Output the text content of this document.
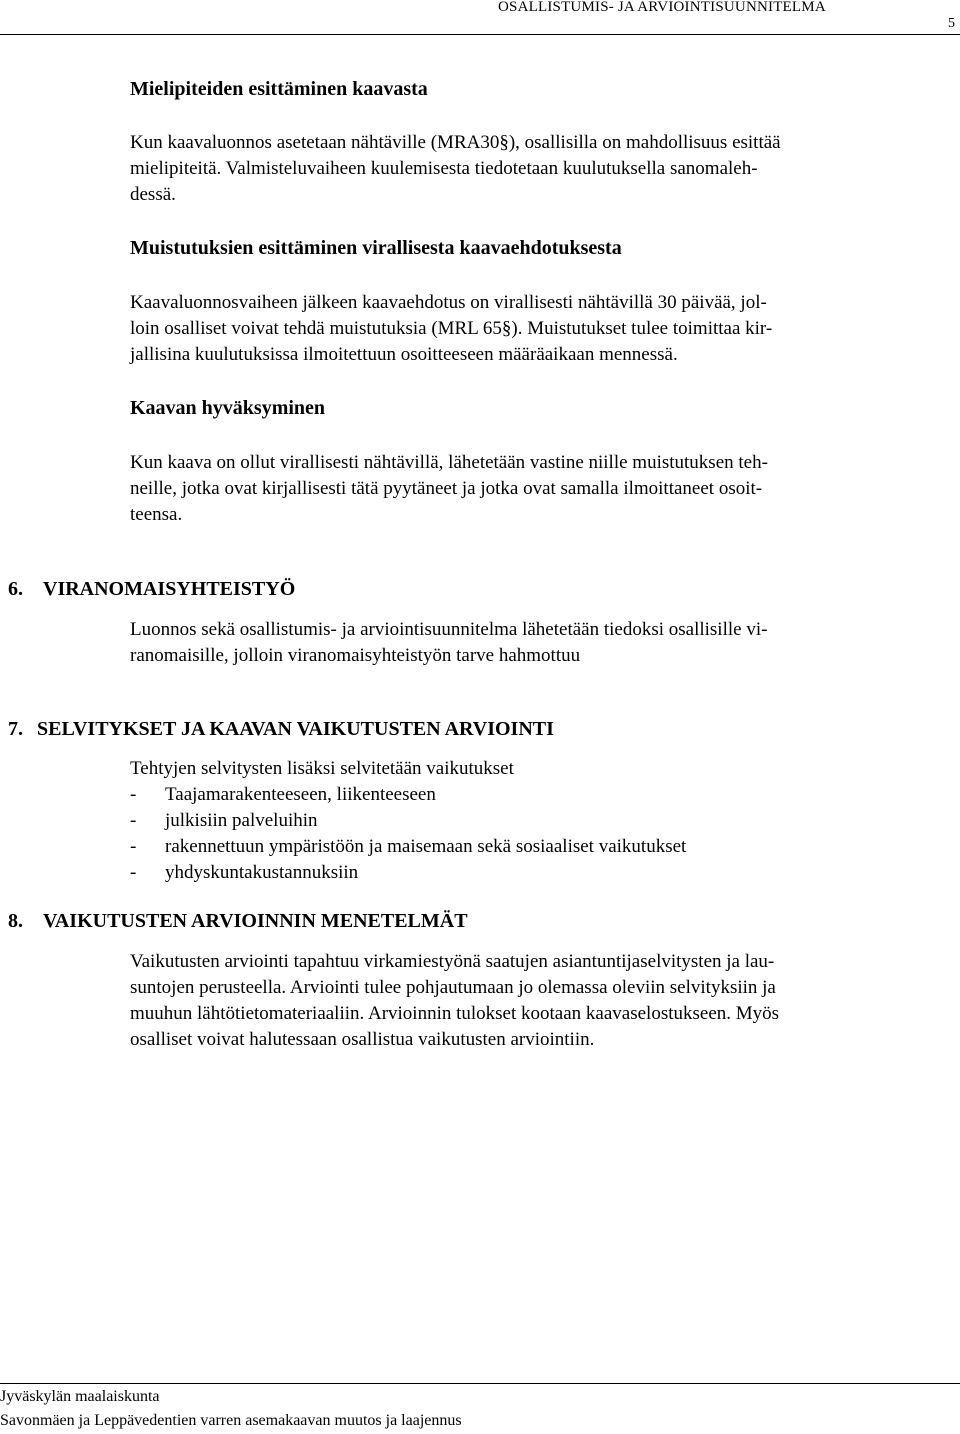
OSALLISTUMIS- JA ARVIOINTISUUNNITELMA
5
Mielipiteiden esittäminen kaavasta
Kun kaavaluonnos asetetaan nähtäville (MRA30§), osallisilla on mahdollisuus esittää
mielipiteitä. Valmisteluvaiheen kuulemisesta tiedotetaan kuulutuksella sanomaleh-
dessä.
Muistutuksien esittäminen virallisesta kaavaehdotuksesta
Kaavaluonnosvaiheen jälkeen kaavaehdotus on virallisesti nähtävillä 30 päivää, jol-
loin osalliset voivat tehdä muistutuksia (MRL 65§). Muistutukset tulee toimittaa kir-
jallisina kuulutuksissa ilmoitettuun osoitteeseen määräaikaan mennessä.
Kaavan hyväksyminen
Kun kaava on ollut virallisesti nähtävillä, lähetetään vastine niille muistutuksen teh-
neille, jotka ovat kirjallisesti tätä pyytäneet ja jotka ovat samalla ilmoittaneet osoit-
teensa.
6. VIRANOMAISYHTEISTYÖ
Luonnos sekä osallistumis- ja arviointisuunnitelma lähetetään tiedoksi osallisille vi-
ranomaisille, jolloin viranomaisyhteistyön tarve hahmottuu
7. SELVITYKSET JA KAAVAN VAIKUTUSTEN ARVIOINTI
Tehtyjen selvitysten lisäksi selvitetään vaikutukset
- Taajamarakenteeseen, liikenteeseen
- julkisiin palveluihin
- rakennettuun ympäristöön ja maisemaan sekä sosiaaliset vaikutukset
- yhdyskuntakustannuksiin
8. VAIKUTUSTEN ARVIOINNIN MENETELMÄT
Vaikutusten arviointi tapahtuu virkamiestyönä saatujen asiantuntijaselvitysten ja lau-
suntojen perusteella. Arviointi tulee pohjautumaan jo olemassa oleviin selvityksiin ja
muuhun lähtötietomateriaaliin. Arvioinnin tulokset kootaan kaavaselostukseen. Myös
osalliset voivat halutessaan osallistua vaikutusten arviointiin.
Jyväskylän maalaiskunta
Savonmäen ja Leppävedentien varren asemakaavan muutos ja laajennus
